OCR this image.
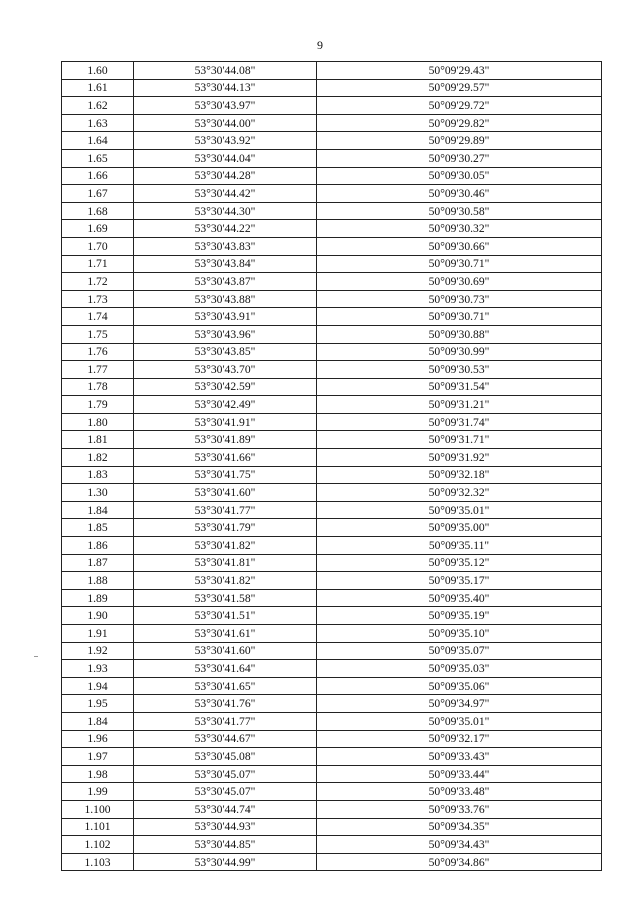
9
1.60	53°30'44.08"	50°09'29.43"
1.61	53°30'44.13"	50°09'29.57"
1.62	53°30'43.97"	50°09'29.72"
1.63	53°30'44.00"	50°09'29.82"
1.64	53°30'43.92"	50°09'29.89"
1.65	53°30'44.04"	50°09'30.27"
1.66	53°30'44.28"	50°09'30.05"
1.67	53°30'44.42"	50°09'30.46"
1.68	53°30'44.30"	50°09'30.58"
1.69	53°30'44.22"	50°09'30.32"
1.70	53°30'43.83"	50°09'30.66"
1.71	53°30'43.84"	50°09'30.71"
1.72	53°30'43.87"	50°09'30.69"
1.73	53°30'43.88"	50°09'30.73"
1.74	53°30'43.91"	50°09'30.71"
1.75	53°30'43.96"	50°09'30.88"
1.76	53°30'43.85"	50°09'30.99"
1.77	53°30'43.70"	50°09'30.53"
1.78	53°30'42.59"	50°09'31.54"
1.79	53°30'42.49"	50°09'31.21"
1.80	53°30'41.91"	50°09'31.74"
1.81	53°30'41.89"	50°09'31.71"
1.82	53°30'41.66"	50°09'31.92"
1.83	53°30'41.75"	50°09'32.18"
1.30	53°30'41.60"	50°09'32.32"
1.84	53°30'41.77"	50°09'35.01"
1.85	53°30'41.79"	50°09'35.00"
1.86	53°30'41.82"	50°09'35.11"
1.87	53°30'41.81"	50°09'35.12"
1.88	53°30'41.82"	50°09'35.17"
1.89	53°30'41.58"	50°09'35.40"
1.90	53°30'41.51"	50°09'35.19"
1.91	53°30'41.61"	50°09'35.10"
1.92	53°30'41.60"	50°09'35.07"
1.93	53°30'41.64"	50°09'35.03"
1.94	53°30'41.65"	50°09'35.06"
1.95	53°30'41.76"	50°09'34.97"
1.84	53°30'41.77"	50°09'35.01"
1.96	53°30'44.67"	50°09'32.17"
1.97	53°30'45.08"	50°09'33.43"
1.98	53°30'45.07"	50°09'33.44"
1.99	53°30'45.07"	50°09'33.48"
1.100	53°30'44.74"	50°09'33.76"
1.101	53°30'44.93"	50°09'34.35"
1.102	53°30'44.85"	50°09'34.43"
1.103	53°30'44.99"	50°09'34.86"
